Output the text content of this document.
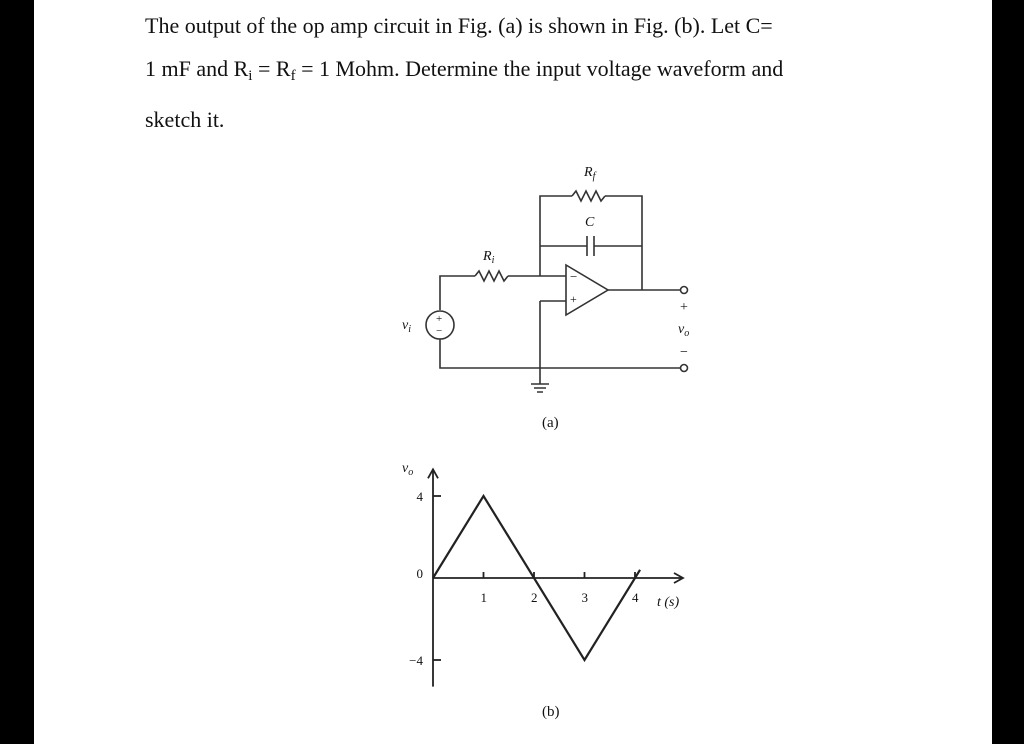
The output of the op amp circuit in Fig. (a) is shown in Fig. (b). Let C=

1 mF and $R_i = R_f = 1$ Mohm. Determine the input voltage waveform and

sketch it.

−
+
+
−
$R_f$
C
$R_i$
$v_i$
+
$v_o$
−
(a)
1	2	3	4
4
0
−4
$v_o$
t (s)
(b)
